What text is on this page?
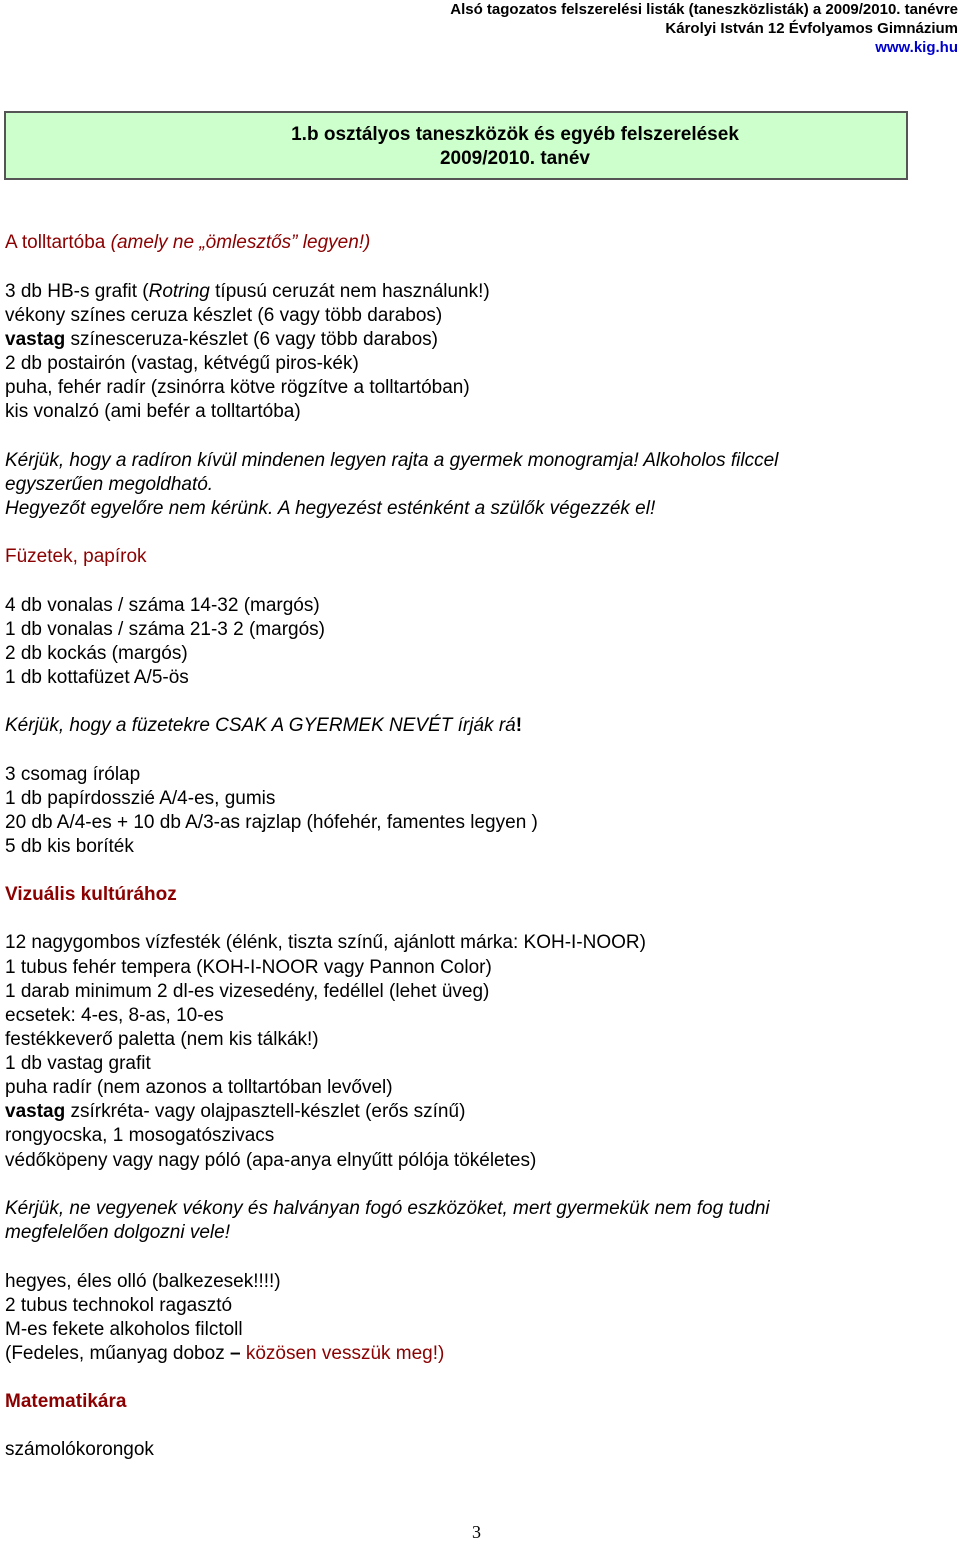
Alsó tagozatos felszerelési listák (taneszközlisták) a 2009/2010. tanévre
Károlyi István 12 Évfolyamos Gimnázium
www.kig.hu
1.b osztályos taneszközök és egyéb felszerelések
2009/2010. tanév
A tolltartóba (amely ne „ömlesztős” legyen!)
3 db HB-s grafit (Rotring típusú ceruzát nem használunk!)
vékony színes ceruza készlet (6 vagy több darabos)
vastag színesceruza-készlet (6 vagy több darabos)
2 db postairón (vastag, kétvégű piros-kék)
puha, fehér radír (zsinórra kötve rögzítve a tolltartóban)
kis vonalzó (ami befér a tolltartóba)
Kérjük, hogy a radíron kívül mindenen legyen rajta a gyermek monogramja! Alkoholos filccel
egyszerűen megoldható.
Hegyezőt egyelőre nem kérünk. A hegyezést esténként a szülők végezzék el!
Füzetek, papírok
4 db vonalas / száma 14-32 (margós)
1 db vonalas / száma 21-3 2 (margós)
2 db kockás (margós)
1 db kottafüzet A/5-ös
Kérjük, hogy a füzetekre CSAK A GYERMEK NEVÉT írják rá!
3 csomag írólap
1 db papírdosszié A/4-es, gumis
20 db A/4-es + 10 db A/3-as rajzlap (hófehér, famentes legyen )
5 db kis boríték
Vizuális kultúrához
12 nagygombos vízfesték (élénk, tiszta színű, ajánlott márka: KOH-I-NOOR)
1 tubus fehér tempera (KOH-I-NOOR vagy Pannon Color)
1 darab minimum 2 dl-es vizesedény, fedéllel (lehet üveg)
ecsetek: 4-es, 8-as, 10-es
festékkeverő paletta (nem kis tálkák!)
1 db vastag grafit
puha radír (nem azonos a tolltartóban levővel)
vastag zsírkréta- vagy olajpasztell-készlet (erős színű)
rongyocska, 1 mosogatószivacs
védőköpeny vagy nagy póló (apa-anya elnyűtt pólója tökéletes)
Kérjük, ne vegyenek vékony és halványan fogó eszközöket, mert gyermekük nem fog tudni
megfelelően dolgozni vele!
hegyes, éles olló (balkezesek!!!!)
2 tubus technokol ragasztó
M-es fekete alkoholos filctoll
(Fedeles, műanyag doboz – közösen vesszük meg!)
Matematikára
számolókorongok
3
